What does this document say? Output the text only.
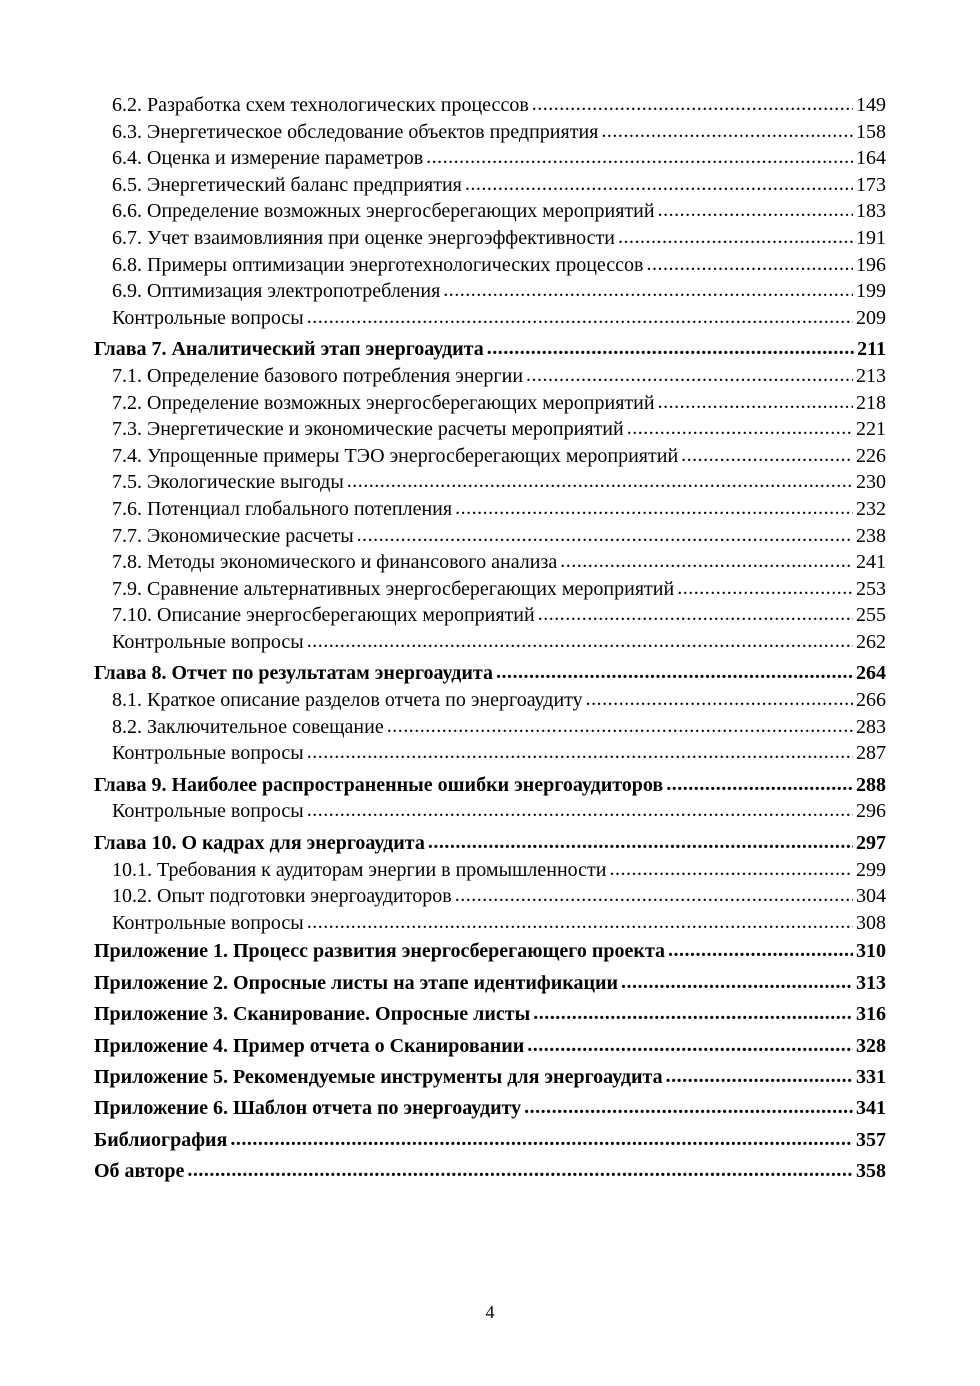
6.2. Разработка схем технологических процессов .....	149
6.3. Энергетическое обследование объектов предприятия .....	158
6.4. Оценка и измерение параметров .....	164
6.5. Энергетический баланс предприятия .....	173
6.6. Определение возможных энергосберегающих мероприятий .....	183
6.7. Учет взаимовлияния при оценке энергоэффективности .....	191
6.8. Примеры оптимизации энерготехнологических процессов .....	196
6.9. Оптимизация электропотребления .....	199
Контрольные вопросы .....	209
Глава 7. Аналитический этап энергоаудита .....	211
7.1. Определение базового потребления энергии .....	213
7.2. Определение возможных энергосберегающих мероприятий .....	218
7.3. Энергетические и экономические расчеты мероприятий .....	221
7.4. Упрощенные примеры ТЭО энергосберегающих мероприятий .....	226
7.5. Экологические выгоды .....	230
7.6. Потенциал глобального потепления .....	232
7.7. Экономические расчеты .....	238
7.8. Методы экономического и финансового анализа .....	241
7.9. Сравнение альтернативных энергосберегающих мероприятий .....	253
7.10. Описание энергосберегающих мероприятий .....	255
Контрольные вопросы .....	262
Глава 8. Отчет по результатам энергоаудита .....	264
8.1. Краткое описание разделов отчета по энергоаудиту .....	266
8.2. Заключительное совещание .....	283
Контрольные вопросы .....	287
Глава 9. Наиболее распространенные ошибки энергоаудиторов .....	288
Контрольные вопросы .....	296
Глава 10. О кадрах для энергоаудита .....	297
10.1. Требования к аудиторам энергии в промышленности .....	299
10.2. Опыт подготовки энергоаудиторов .....	304
Контрольные вопросы .....	308
Приложение 1. Процесс развития энергосберегающего проекта .....	310
Приложение 2. Опросные листы на этапе идентификации .....	313
Приложение 3. Сканирование. Опросные листы .....	316
Приложение 4. Пример отчета о Сканировании .....	328
Приложение 5. Рекомендуемые инструменты для энергоаудита .....	331
Приложение 6. Шаблон отчета по энергоаудиту .....	341
Библиография .....	357
Об авторе .....	358
4
